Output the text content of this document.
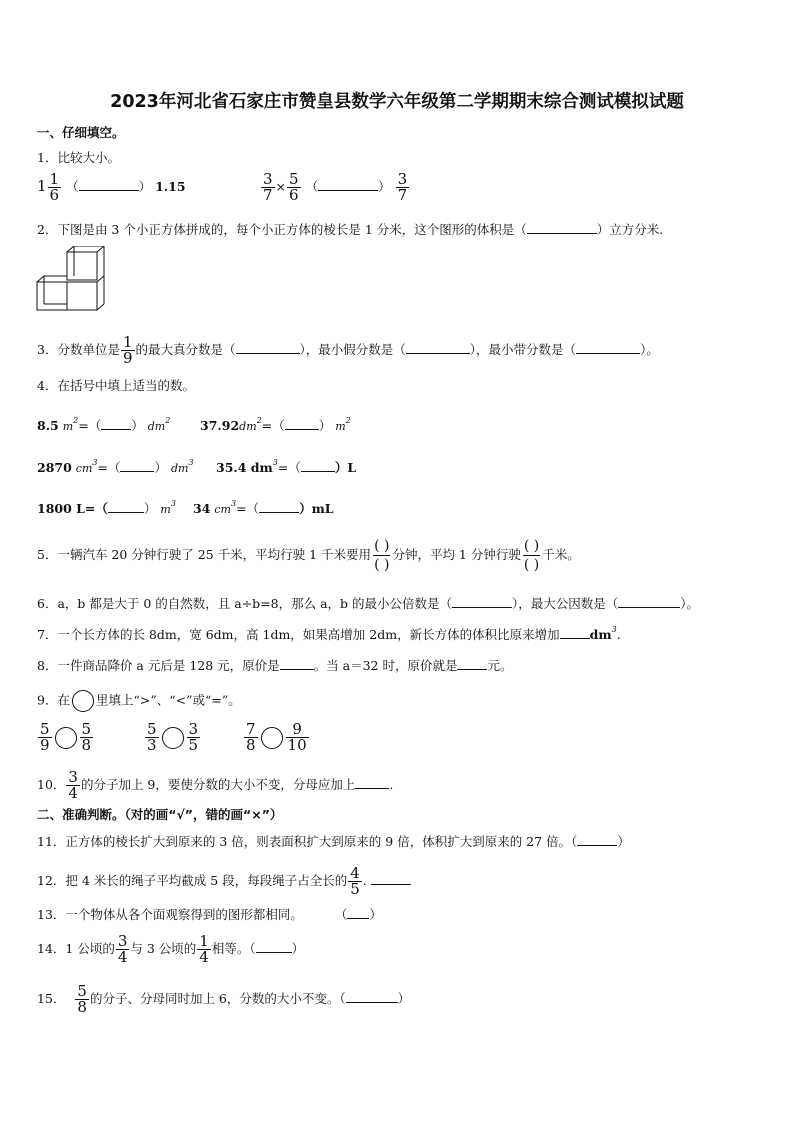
2023年河北省石家庄市赞皇县数学六年级第二学期期末综合测试模拟试题
一、仔细填空。
1．比较大小。
$1 \frac{1}{6}$ （	） 1.15	$\frac{3}{7} \times \frac{5}{6}$ （	） $\frac{3}{7}$
2．下图是由 3 个小正方体拼成的，每个小正方体的棱长是 1 分米，这个图形的体积是（	）立方分米.
3．分数单位是 $\frac{1}{9}$ 的最大真分数是（	），最小假分数是（	），最小带分数是（	）。
4．在括号中填上适当的数。
8.5 $m^2=$（ ） $dm^2$ $37.92dm^2=$（	） $m^2$
2870 $cm^3=$（	） $dm^3$ 35.4 $dm^3=$（	）L
1800 L=（	） $m^3$ 34 $cm^3=$（	）mL
5．一辆汽车 20 分钟行驶了 25 千米，平均行驶 1 千米要用
( )
( )
分钟，平均 1 分钟行驶
( )
( )
千米。
6．a，b 都是大于 0 的自然数，且 a÷b=8，那么 a，b 的最小公倍数是（	），最大公因数是（	）。
7．一个长方体的长 8dm，宽 6dm，高 1dm，如果高增加 2dm，新长方体的体积比原来增加 $dm^3$.
8．一件商品降价 a 元后是 128 元，原价是	。当 a＝32 时，原价就是 元。
9．在 里填上“>”、“<”或“=”。
$\frac{5}{9} \frac{5}{8}$	$\frac{5}{3} \frac{3}{5}$	$\frac{7}{8} \frac{9}{10}$
10． $\frac{3}{4}$ 的分子加上 9，要使分数的大小不变，分母应加上	.
二、准确判断。（对的画“√”，错的画“×”）
11．正方体的棱长扩大到原来的 3 倍，则表面积扩大到原来的 9 倍，体积扩大到原来的 27 倍。（	）
12．把 4 米长的绳子平均截成 5 段，每段绳子占全长的 $\frac{4}{5}$ .
13．一个物体从各个面观察得到的图形都相同。	（ ）
14．1 公顷的 $\frac{3}{4}$ 与 3 公顷的 $\frac{1}{4}$ 相等。（	）
15． $\frac{5}{8}$ 的分子、分母同时加上 6，分数的大小不变。（	）
